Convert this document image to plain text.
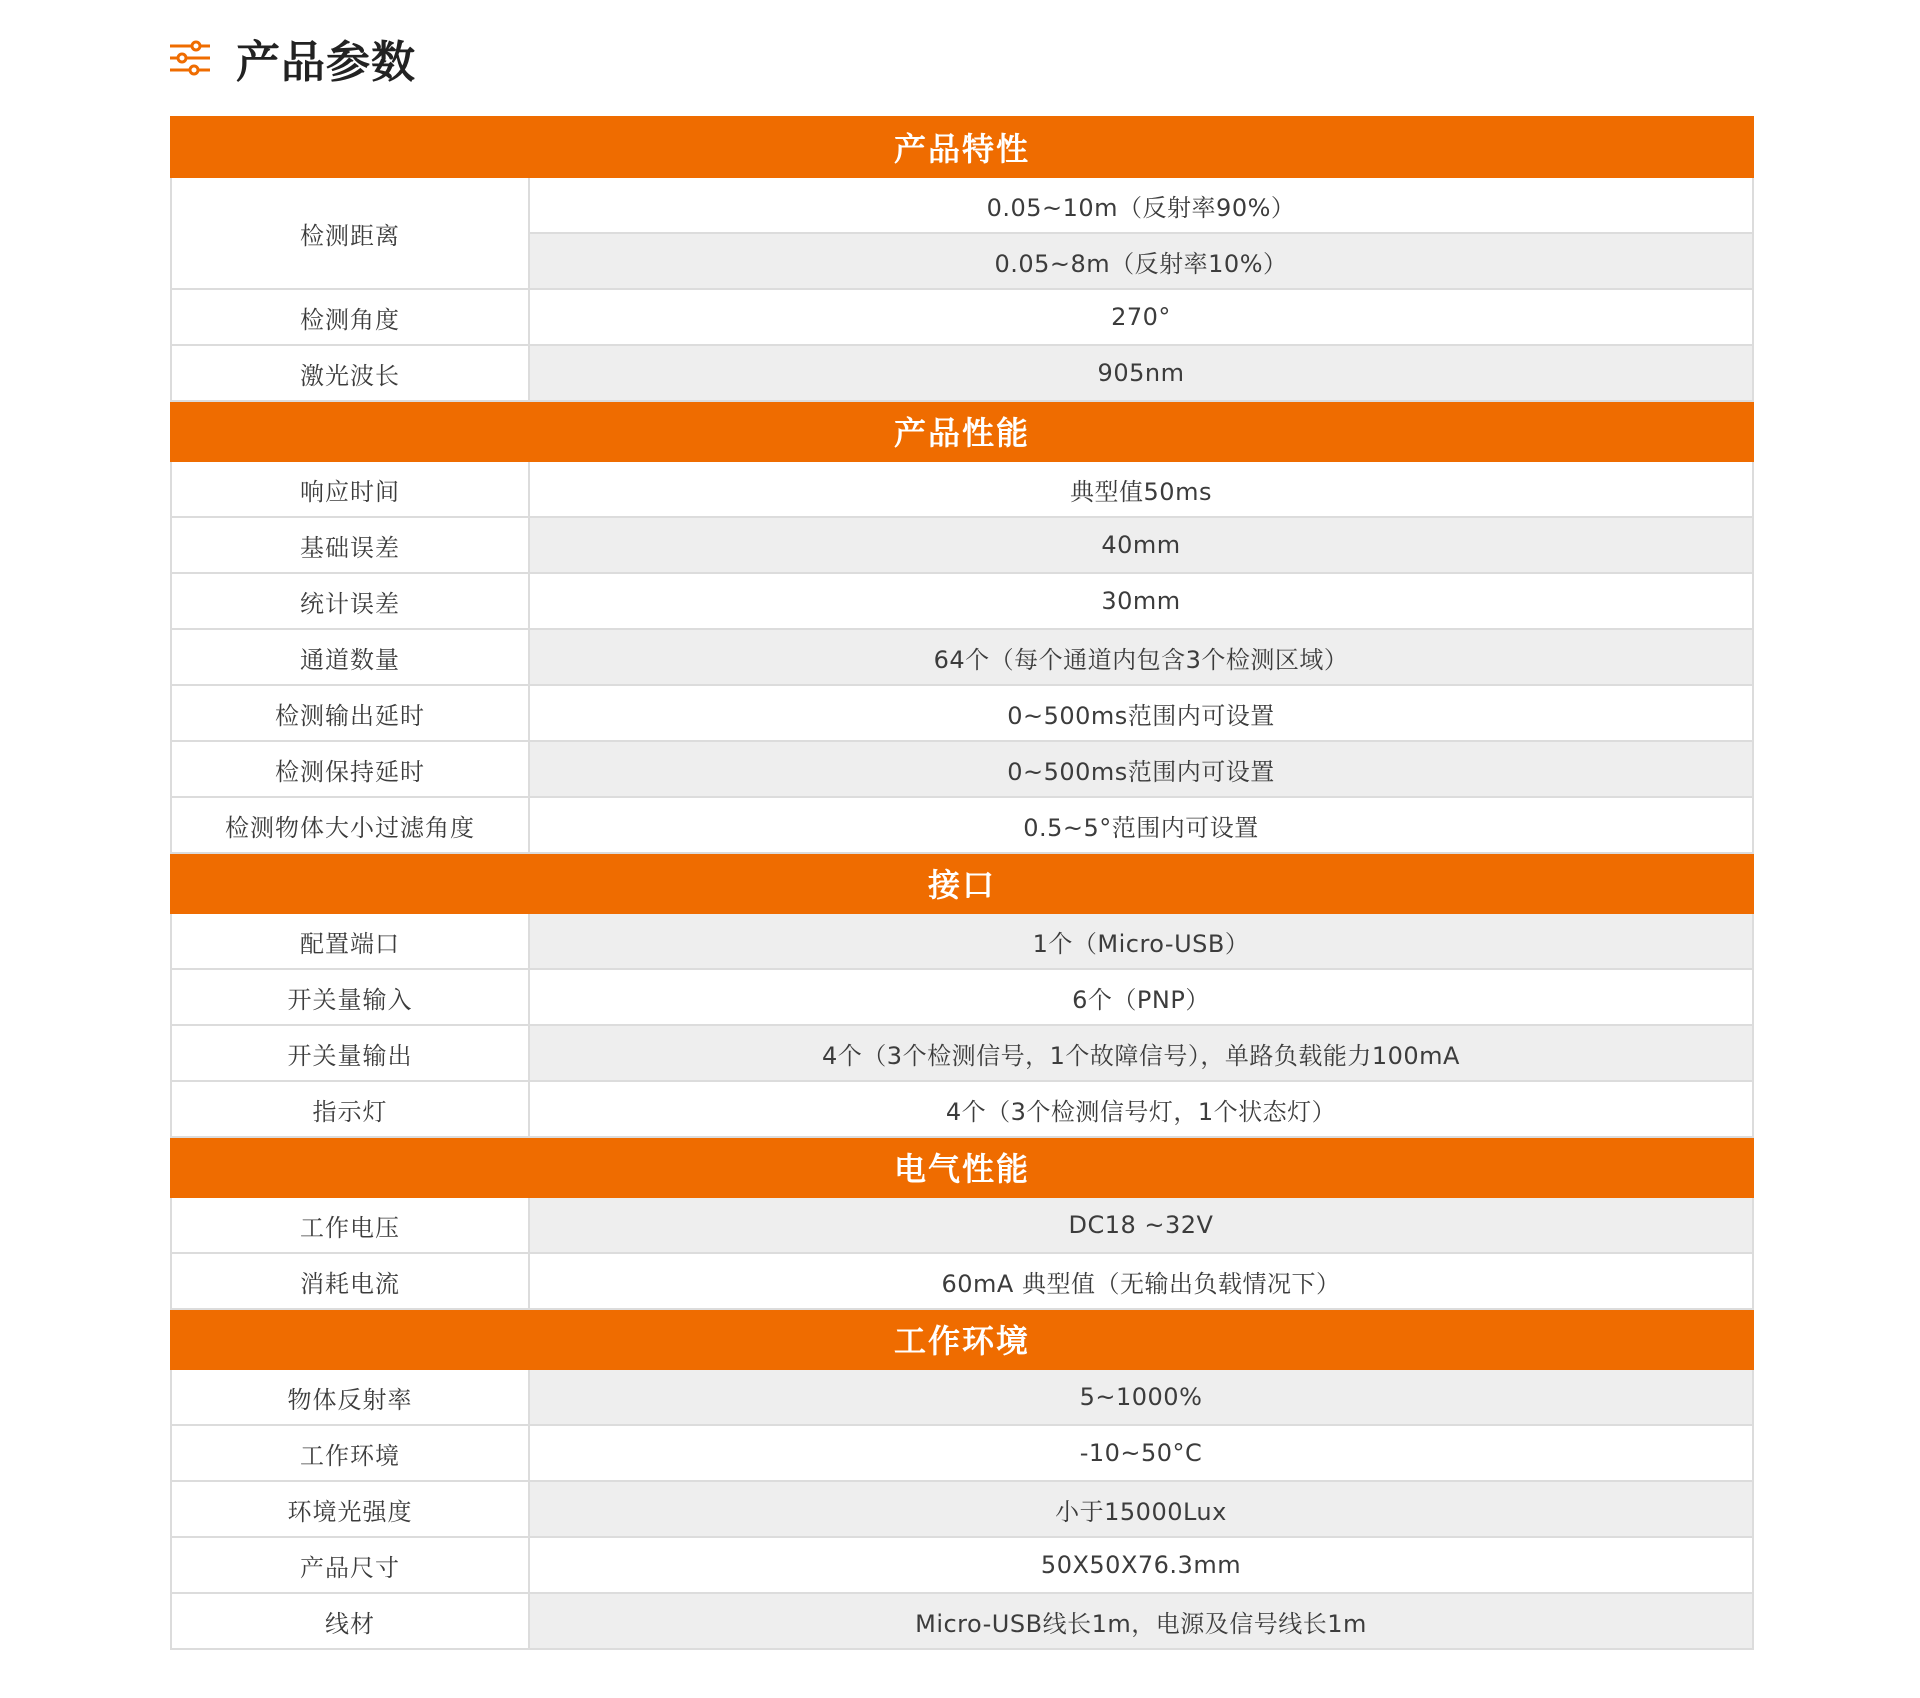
产品参数
产品特性	
检测距离	0.05~10m（反射率90%）
	0.05~8m（反射率10%）
检测角度	270°
激光波长	905nm
产品性能	
响应时间	典型值50ms
基础误差	40mm
统计误差	30mm
通道数量	64个（每个通道内包含3个检测区域）
检测输出延时	0~500ms范围内可设置
检测保持延时	0~500ms范围内可设置
检测物体大小过滤角度	0.5~5°范围内可设置
接口	
配置端口	1个（Micro-USB）
开关量输入	6个（PNP）
开关量输出	4个（3个检测信号，1个故障信号），单路负载能力100mA
指示灯	4个（3个检测信号灯，1个状态灯）
电气性能	
工作电压	DC18 ~32V
消耗电流	60mA 典型值（无输出负载情况下）
工作环境	
物体反射率	5~1000%
工作环境	-10~50°C
环境光强度	小于15000Lux
产品尺寸	50X50X76.3mm
线材	Micro-USB线长1m，电源及信号线长1m
